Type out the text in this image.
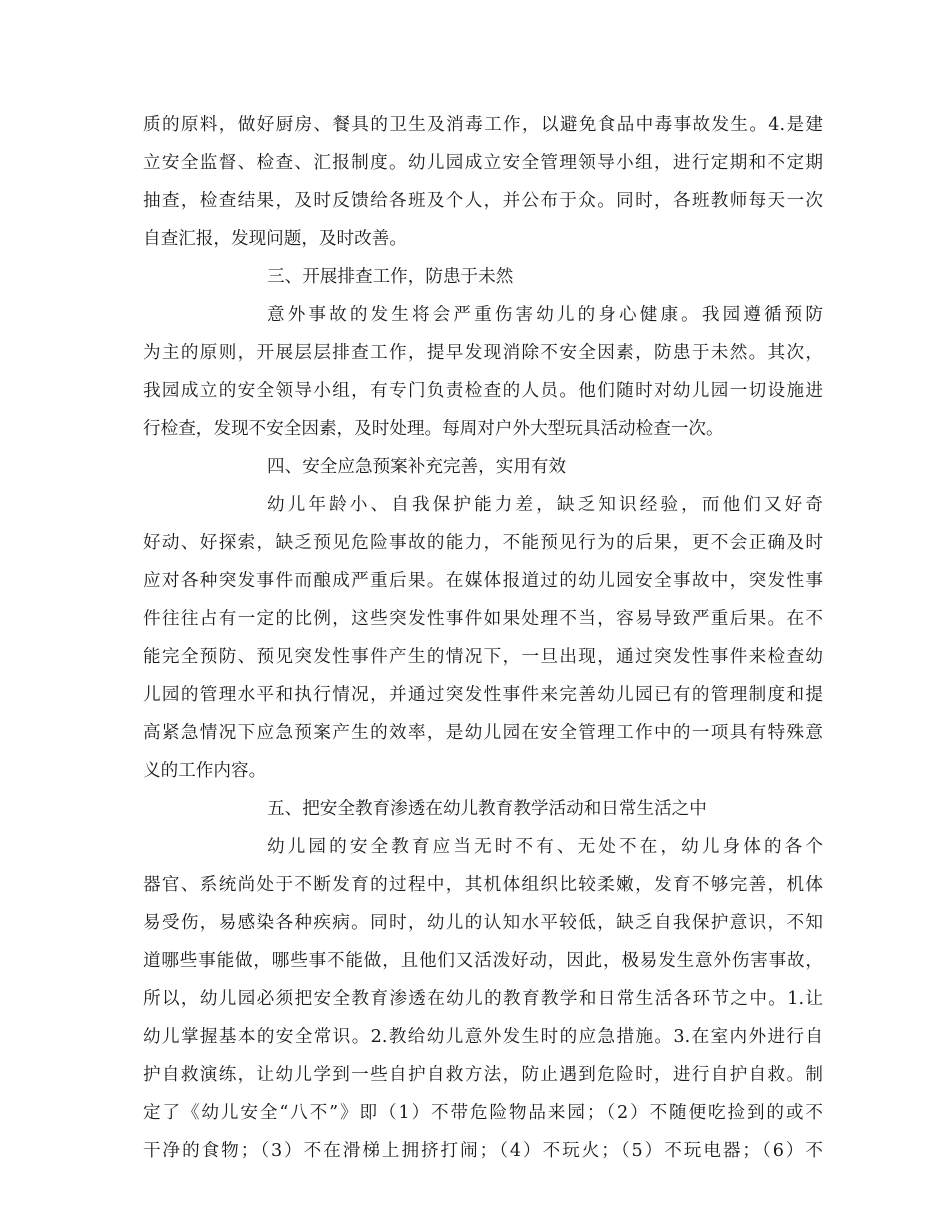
质的原料，做好厨房、餐具的卫生及消毒工作，以避免食品中毒事故发生。4.是建
立安全监督、检查、汇报制度。幼儿园成立安全管理领导小组，进行定期和不定期
抽查，检查结果，及时反馈给各班及个人，并公布于众。同时，各班教师每天一次
自查汇报，发现问题，及时改善。
三、开展排查工作，防患于未然
意外事故的发生将会严重伤害幼儿的身心健康。我园遵循预防
为主的原则，开展层层排查工作，提早发现消除不安全因素，防患于未然。其次，
我园成立的安全领导小组，有专门负责检查的人员。他们随时对幼儿园一切设施进
行检查，发现不安全因素，及时处理。每周对户外大型玩具活动检查一次。
四、安全应急预案补充完善，实用有效
幼儿年龄小、自我保护能力差，缺乏知识经验，而他们又好奇
好动、好探索，缺乏预见危险事故的能力，不能预见行为的后果，更不会正确及时
应对各种突发事件而酿成严重后果。在媒体报道过的幼儿园安全事故中，突发性事
件往往占有一定的比例，这些突发性事件如果处理不当，容易导致严重后果。在不
能完全预防、预见突发性事件产生的情况下，一旦出现，通过突发性事件来检查幼
儿园的管理水平和执行情况，并通过突发性事件来完善幼儿园已有的管理制度和提
高紧急情况下应急预案产生的效率，是幼儿园在安全管理工作中的一项具有特殊意
义的工作内容。
五、把安全教育渗透在幼儿教育教学活动和日常生活之中
幼儿园的安全教育应当无时不有、无处不在，幼儿身体的各个
器官、系统尚处于不断发育的过程中，其机体组织比较柔嫩，发育不够完善，机体
易受伤，易感染各种疾病。同时，幼儿的认知水平较低，缺乏自我保护意识，不知
道哪些事能做，哪些事不能做，且他们又活泼好动，因此，极易发生意外伤害事故，
所以，幼儿园必须把安全教育渗透在幼儿的教育教学和日常生活各环节之中。1.让
幼儿掌握基本的安全常识。2.教给幼儿意外发生时的应急措施。3.在室内外进行自
护自救演练，让幼儿学到一些自护自救方法，防止遇到危险时，进行自护自救。制
定了《幼儿安全“八不”》即（1）不带危险物品来园；（2）不随便吃捡到的或不
干净的食物；（3）不在滑梯上拥挤打闹；（4）不玩火；（5）不玩电器；（6）不
